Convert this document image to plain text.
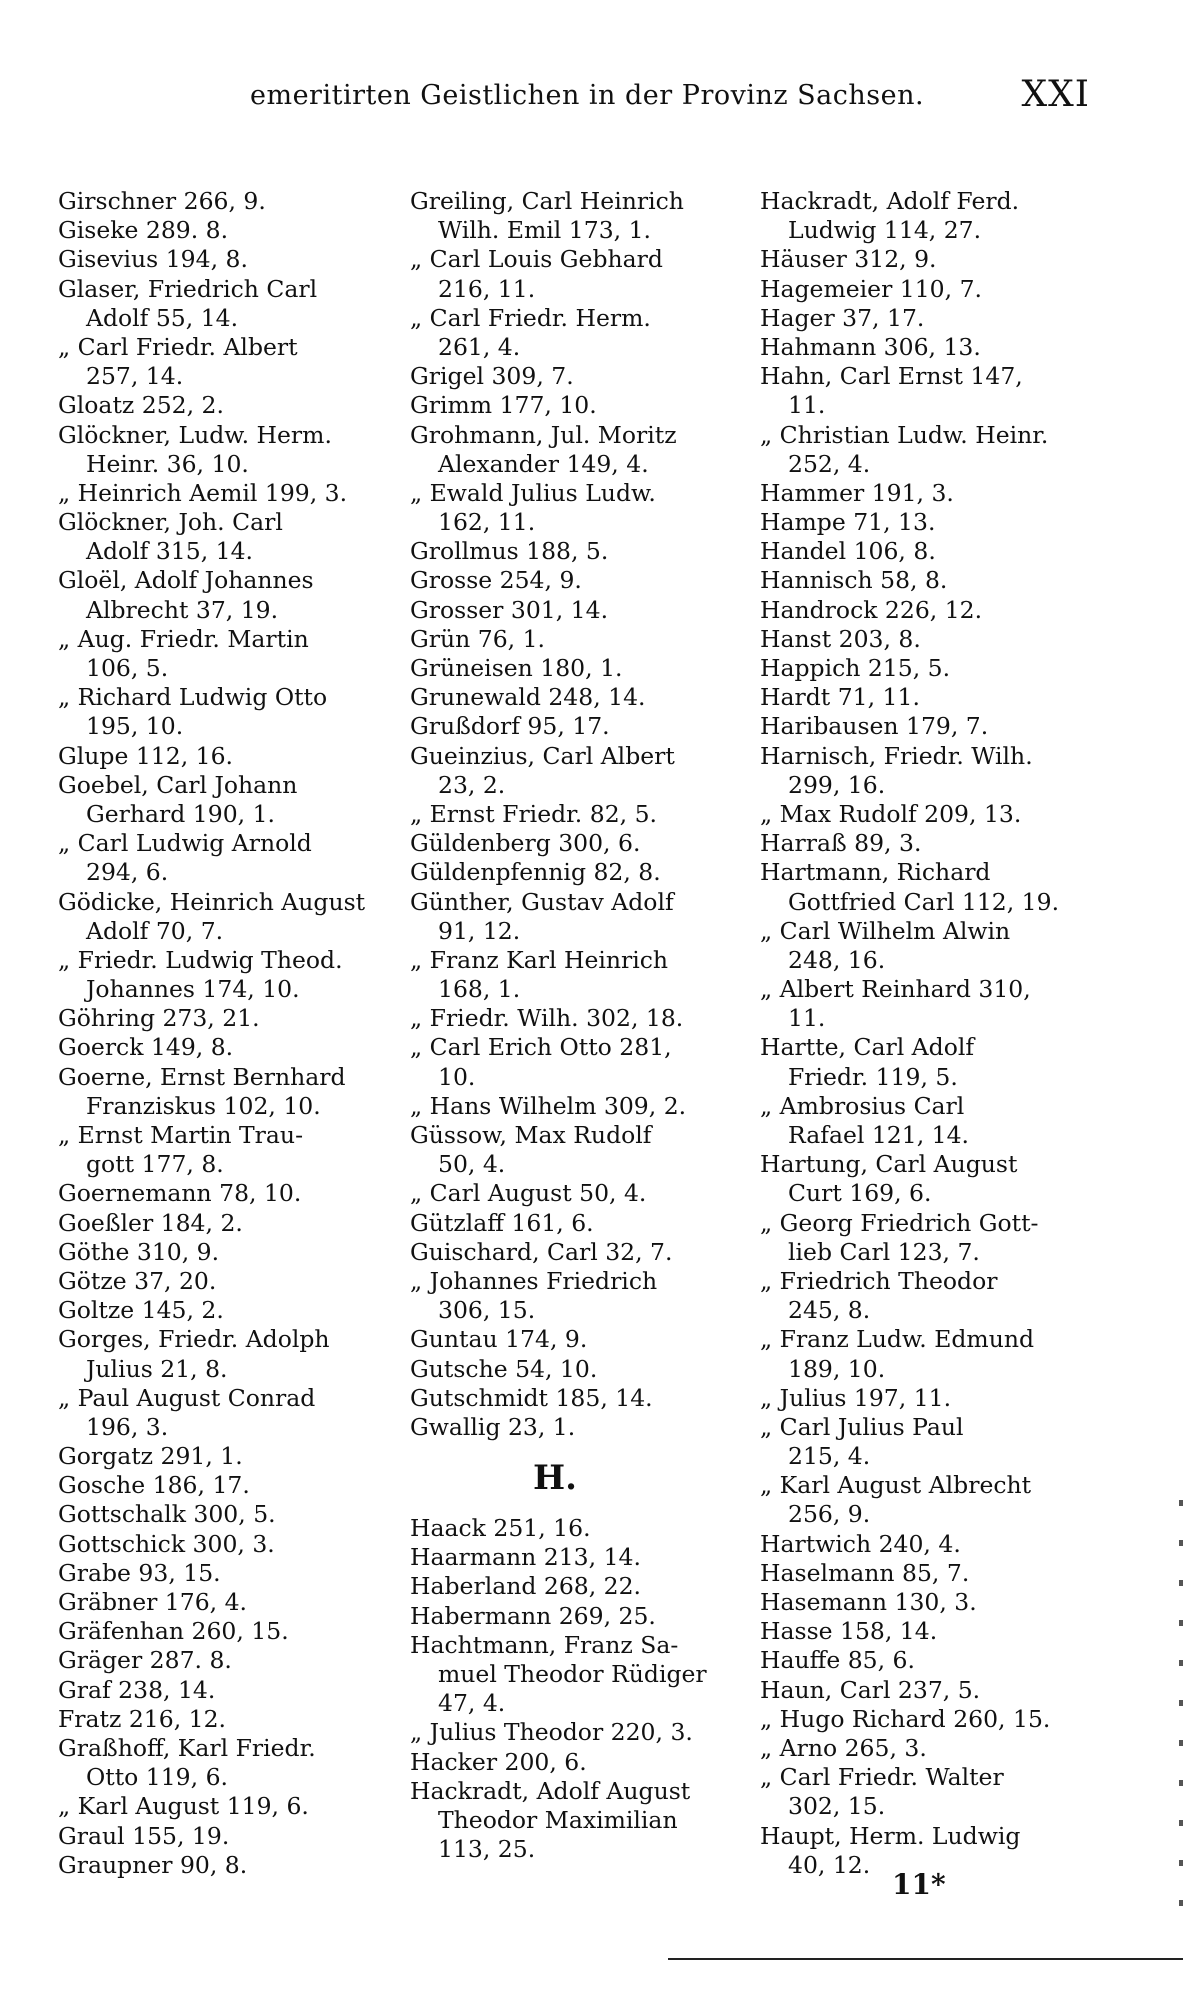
emeritirten Geistlichen in der Provinz Sachsen.	XXI
Girschner 266, 9.
Giseke 289. 8.
Gisevius 194, 8.
Glaser, Friedrich Carl
Adolf 55, 14.
„ Carl Friedr. Albert
257, 14.
Gloatz 252, 2.
Glöckner, Ludw. Herm.
Heinr. 36, 10.
„ Heinrich Aemil 199, 3.
Glöckner, Joh. Carl
Adolf 315, 14.
Gloël, Adolf Johannes
Albrecht 37, 19.
„ Aug. Friedr. Martin
106, 5.
„ Richard Ludwig Otto
195, 10.
Glupe 112, 16.
Goebel, Carl Johann
Gerhard 190, 1.
„ Carl Ludwig Arnold
294, 6.
Gödicke, Heinrich August
Adolf 70, 7.
„ Friedr. Ludwig Theod.
Johannes 174, 10.
Göhring 273, 21.
Goerck 149, 8.
Goerne, Ernst Bernhard
Franziskus 102, 10.
„ Ernst Martin Trau-
gott 177, 8.
Goernemann 78, 10.
Goeßler 184, 2.
Göthe 310, 9.
Götze 37, 20.
Goltze 145, 2.
Gorges, Friedr. Adolph
Julius 21, 8.
„ Paul August Conrad
196, 3.
Gorgatz 291, 1.
Gosche 186, 17.
Gottschalk 300, 5.
Gottschick 300, 3.
Grabe 93, 15.
Gräbner 176, 4.
Gräfenhan 260, 15.
Gräger 287. 8.
Graf 238, 14.
Fratz 216, 12.
Graßhoff, Karl Friedr.
Otto 119, 6.
„ Karl August 119, 6.
Graul 155, 19.
Graupner 90, 8.
Greiling, Carl Heinrich
Wilh. Emil 173, 1.
„ Carl Louis Gebhard
216, 11.
„ Carl Friedr. Herm.
261, 4.
Grigel 309, 7.
Grimm 177, 10.
Grohmann, Jul. Moritz
Alexander 149, 4.
„ Ewald Julius Ludw.
162, 11.
Grollmus 188, 5.
Grosse 254, 9.
Grosser 301, 14.
Grün 76, 1.
Grüneisen 180, 1.
Grunewald 248, 14.
Grußdorf 95, 17.
Gueinzius, Carl Albert
23, 2.
„ Ernst Friedr. 82, 5.
Güldenberg 300, 6.
Güldenpfennig 82, 8.
Günther, Gustav Adolf
91, 12.
„ Franz Karl Heinrich
168, 1.
„ Friedr. Wilh. 302, 18.
„ Carl Erich Otto 281,
10.
„ Hans Wilhelm 309, 2.
Güssow, Max Rudolf
50, 4.
„ Carl August 50, 4.
Gützlaff 161, 6.
Guischard, Carl 32, 7.
„ Johannes Friedrich
306, 15.
Guntau 174, 9.
Gutsche 54, 10.
Gutschmidt 185, 14.
Gwallig 23, 1.
H.
Haack 251, 16.
Haarmann 213, 14.
Haberland 268, 22.
Habermann 269, 25.
Hachtmann, Franz Sa-
muel Theodor Rüdiger
47, 4.
„ Julius Theodor 220, 3.
Hacker 200, 6.
Hackradt, Adolf August
Theodor Maximilian
113, 25.
Hackradt, Adolf Ferd.
Ludwig 114, 27.
Häuser 312, 9.
Hagemeier 110, 7.
Hager 37, 17.
Hahmann 306, 13.
Hahn, Carl Ernst 147,
11.
„ Christian Ludw. Heinr.
252, 4.
Hammer 191, 3.
Hampe 71, 13.
Handel 106, 8.
Hannisch 58, 8.
Handrock 226, 12.
Hanst 203, 8.
Happich 215, 5.
Hardt 71, 11.
Haribausen 179, 7.
Harnisch, Friedr. Wilh.
299, 16.
„ Max Rudolf 209, 13.
Harraß 89, 3.
Hartmann, Richard
Gottfried Carl 112, 19.
„ Carl Wilhelm Alwin
248, 16.
„ Albert Reinhard 310,
11.
Hartte, Carl Adolf
Friedr. 119, 5.
„ Ambrosius Carl
Rafael 121, 14.
Hartung, Carl August
Curt 169, 6.
„ Georg Friedrich Gott-
lieb Carl 123, 7.
„ Friedrich Theodor
245, 8.
„ Franz Ludw. Edmund
189, 10.
„ Julius 197, 11.
„ Carl Julius Paul
215, 4.
„ Karl August Albrecht
256, 9.
Hartwich 240, 4.
Haselmann 85, 7.
Hasemann 130, 3.
Hasse 158, 14.
Hauffe 85, 6.
Haun, Carl 237, 5.
„ Hugo Richard 260, 15.
„ Arno 265, 3.
„ Carl Friedr. Walter
302, 15.
Haupt, Herm. Ludwig
40, 12.
11*
